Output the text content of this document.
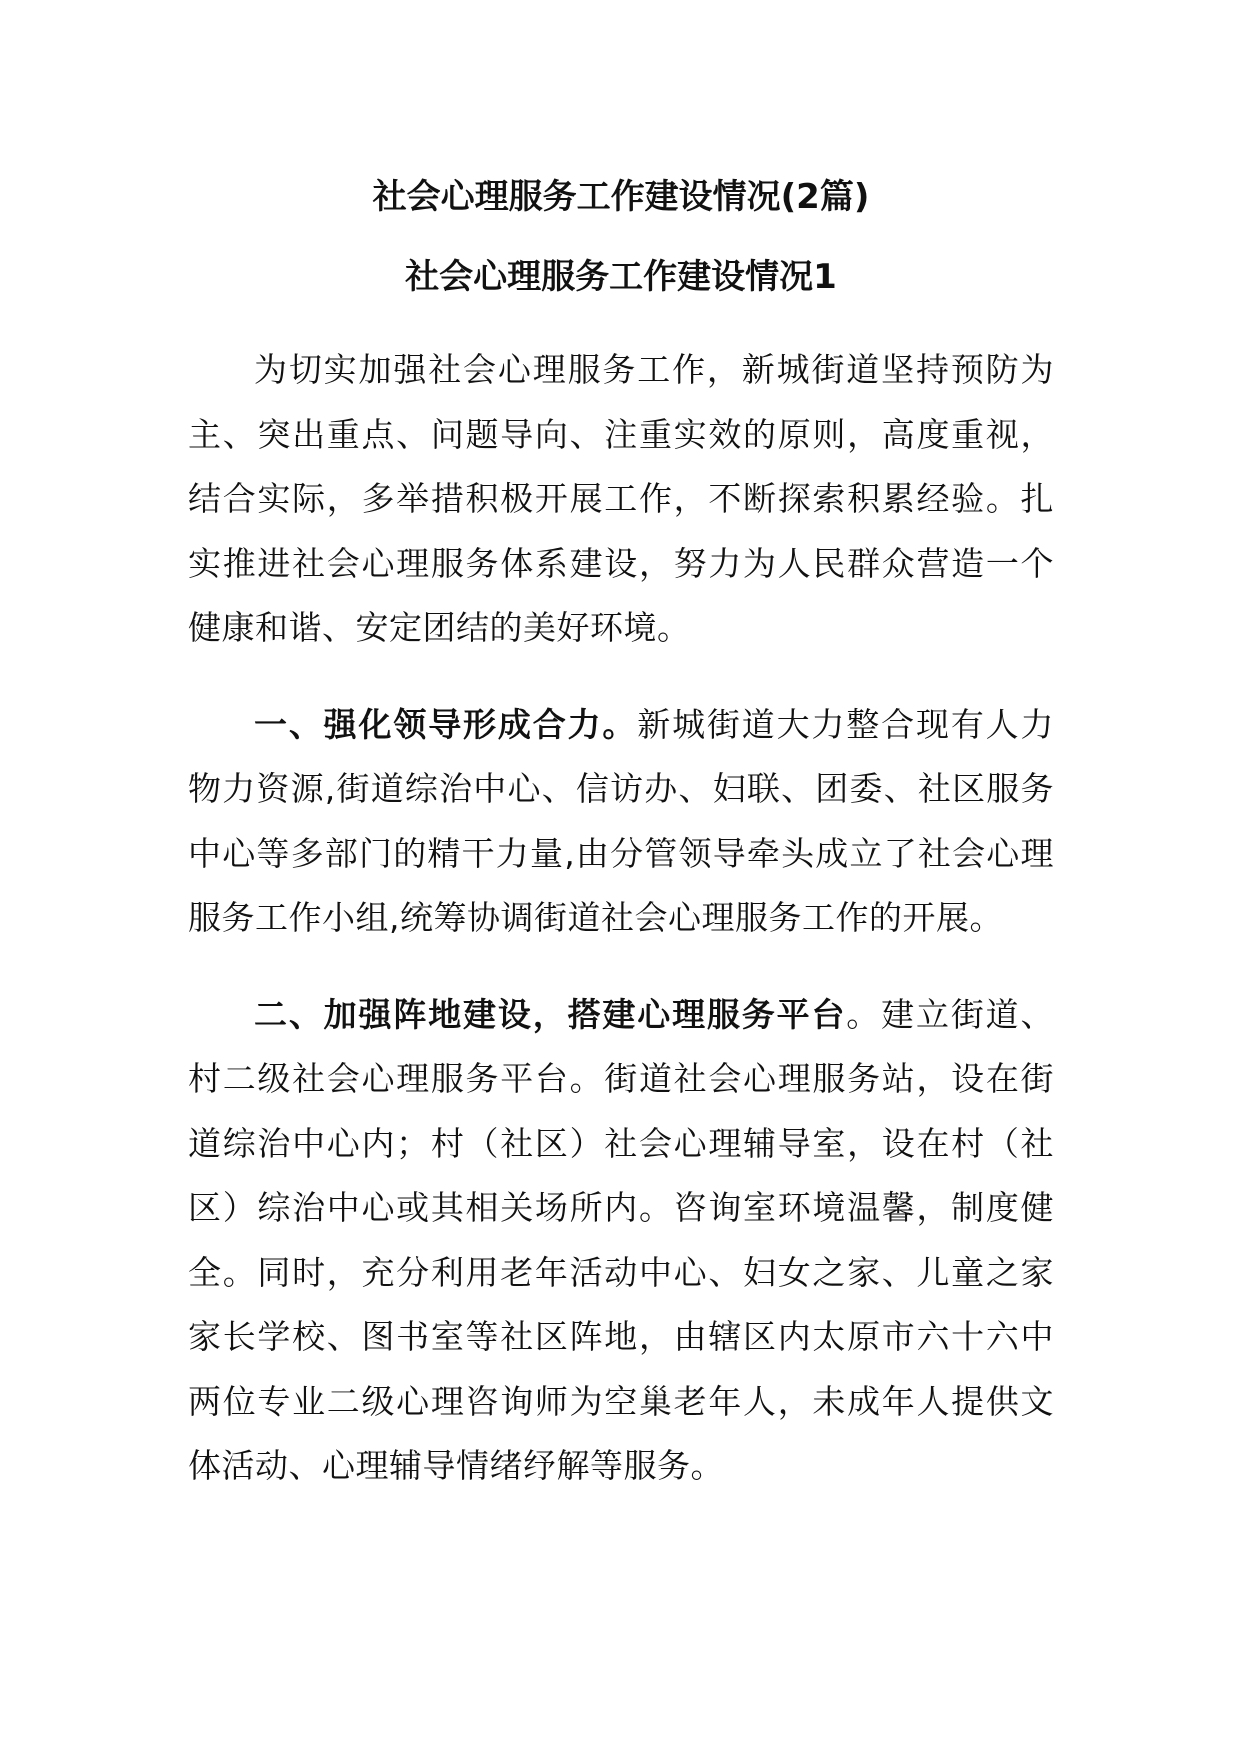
社会心理服务工作建设情况(2篇)
社会心理服务工作建设情况1

为切实加强社会心理服务工作，新城街道坚持预防为主、突出重点、问题导向、注重实效的原则，高度重视，结合实际，多举措积极开展工作，不断探索积累经验。扎实推进社会心理服务体系建设，努力为人民群众营造一个健康和谐、安定团结的美好环境。

一、强化领导形成合力。新城街道大力整合现有人力物力资源,街道综治中心、信访办、妇联、团委、社区服务中心等多部门的精干力量,由分管领导牵头成立了社会心理服务工作小组,统筹协调街道社会心理服务工作的开展。

二、加强阵地建设，搭建心理服务平台。建立街道、村二级社会心理服务平台。街道社会心理服务站，设在街道综治中心内；村（社区）社会心理辅导室，设在村（社区）综治中心或其相关场所内。咨询室环境温馨，制度健全。同时，充分利用老年活动中心、妇女之家、儿童之家家长学校、图书室等社区阵地，由辖区内太原市六十六中两位专业二级心理咨询师为空巢老年人，未成年人提供文体活动、心理辅导情绪纾解等服务。
